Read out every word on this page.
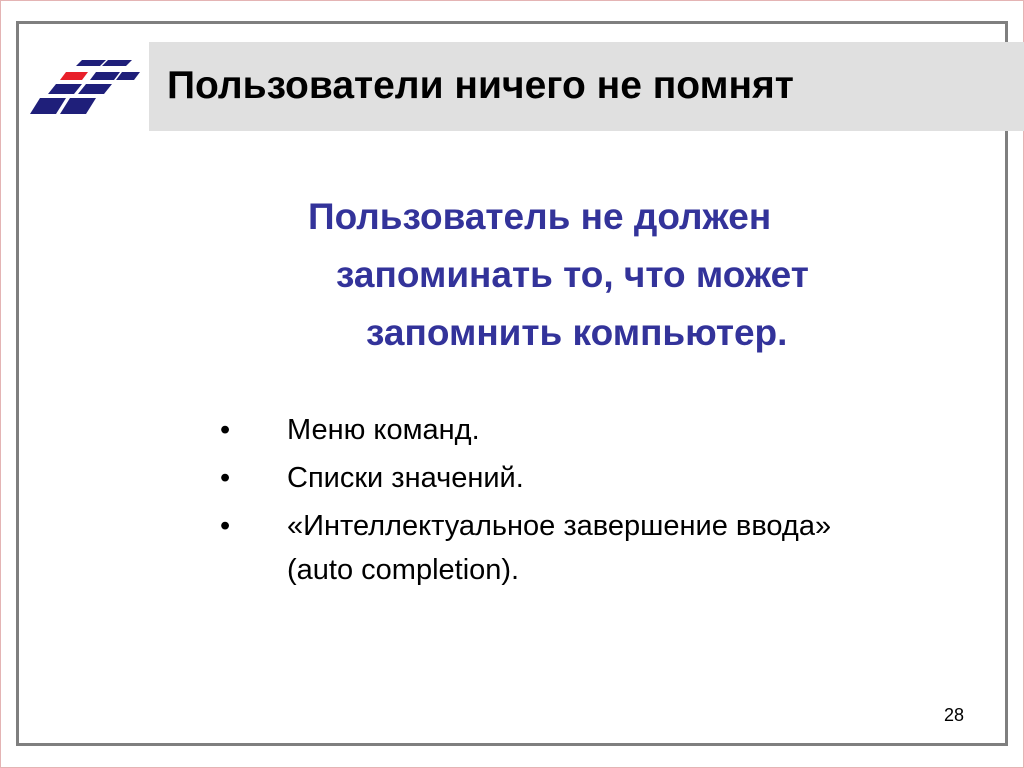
Пользователи ничего не помнят
Пользователь не должен
запоминать то, что может
запомнить компьютер.
• Меню команд.
• Списки значений.
• «Интеллектуальное завершение ввода»
(auto completion).
28
